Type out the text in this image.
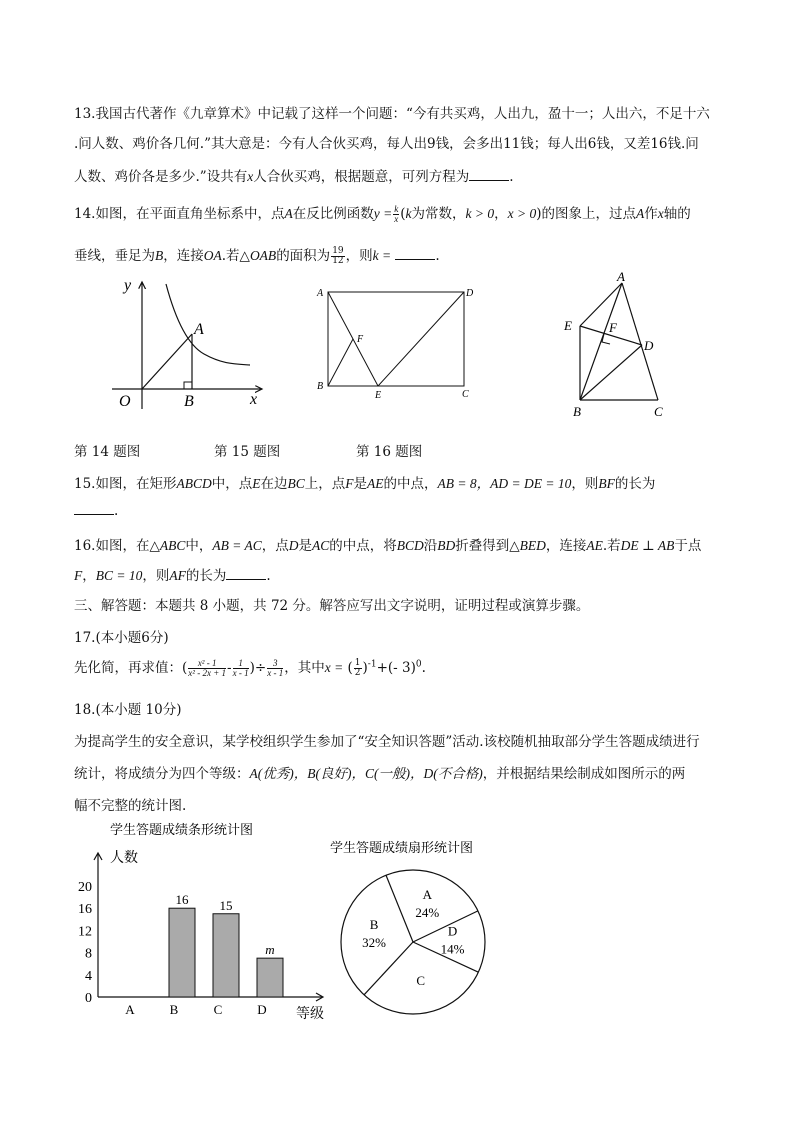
13.我国古代著作《九章算术》中记载了这样一个问题：“今有共买鸡，人出九，盈十一；人出六，不足十六
.问人数、鸡价各几何.”其大意是：今有人合伙买鸡，每人出9钱，会多出11钱；每人出6钱，又差16钱.问
人数、鸡价各是多少.”设共有x人合伙买鸡，根据题意，可列方程为	.
14.如图，在平面直角坐标系中，点A在反比例函数$y = \frac{k}{x} (k$为常数，k > 0，x > 0)的图象上，过点A作x轴的
垂线，垂足为B，连接OA.若△OAB的面积为 $\frac{19}{12}$ ，则k =	.
y
A
O	B	x
A	D
F
B
E	C
A
E	F
D
B	C
第 14 题图	第 15 题图	第 16 题图
15.如图，在矩形ABCD中，点E在边BC上，点F是AE的中点，AB = 8，AD = DE = 10，则BF的长为
.
16.如图，在△ABC中，AB = AC，点D是AC的中点，将BCD沿BD折叠得到△BED，连接AE.若DE ⊥ AB于点
F，BC = 10，则AF的长为	.
三、解答题：本题共 8 小题，共 72 分。解答应写出文字说明，证明过程或演算步骤。
17.(本小题6分)
先化简，再求值：( $\frac{\text{x² - 1}}{\text{x² - 2x + 1}} - \frac{1}{x - 1}$ )÷ $\frac{3}{x - 1}$ ，其中x = ( $\frac{1}{2} )^{-1}+(-$ 3)$^0$.
18.(本小题 10分)
为提高学生的安全意识，某学校组织学生参加了“安全知识答题”活动.该校随机抽取部分学生答题成绩进行
统计，将成绩分为四个等级：A(优秀)，B(良好)，C(一般)，D(不合格)，并根据结果绘制成如图所示的两
幅不完整的统计图.
学生答题成绩条形统计图
人数
等级
0
4
8
12
16
20
A	B
16
C
15
D
m
学生答题成绩扇形统计图
A
24%
D
14%
C
B
32%
